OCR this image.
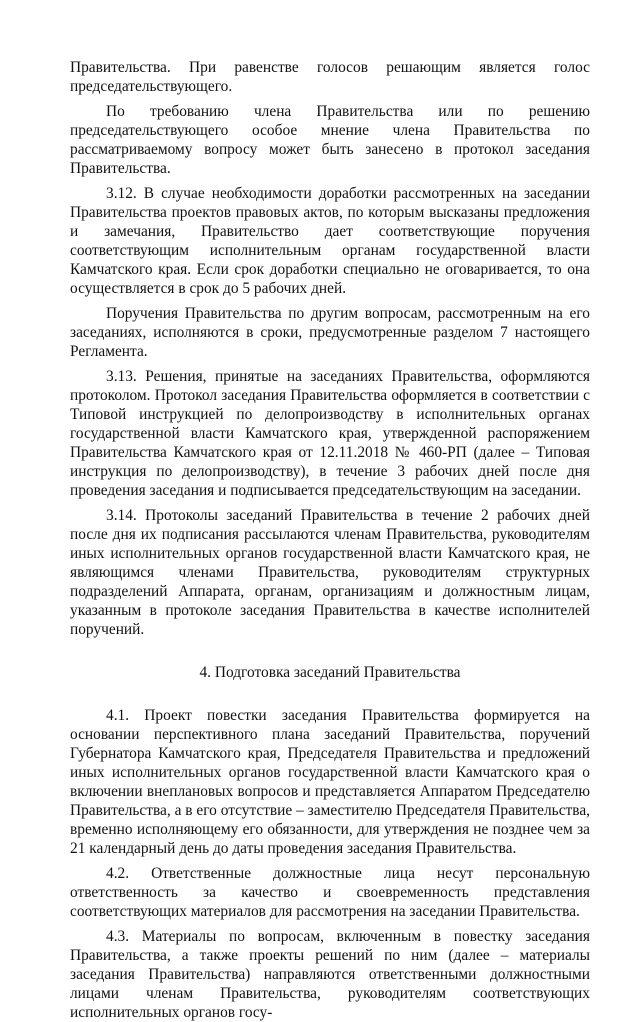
Правительства. При равенстве голосов решающим является голос председательствующего.

По требованию члена Правительства или по решению председательствующего особое мнение члена Правительства по рассматриваемому вопросу может быть занесено в протокол заседания Правительства.

3.12. В случае необходимости доработки рассмотренных на заседании Правительства проектов правовых актов, по которым высказаны предложения и замечания, Правительство дает соответствующие поручения соответствующим исполнительным органам государственной власти Камчатского края. Если срок доработки специально не оговаривается, то она осуществляется в срок до 5 рабочих дней.

Поручения Правительства по другим вопросам, рассмотренным на его заседаниях, исполняются в сроки, предусмотренные разделом 7 настоящего Регламента.

3.13. Решения, принятые на заседаниях Правительства, оформляются протоколом. Протокол заседания Правительства оформляется в соответствии с Типовой инструкцией по делопроизводству в исполнительных органах государственной власти Камчатского края, утвержденной распоряжением Правительства Камчатского края от 12.11.2018 № 460-РП (далее – Типовая инструкция по делопроизводству), в течение 3 рабочих дней после дня проведения заседания и подписывается председательствующим на заседании.

3.14. Протоколы заседаний Правительства в течение 2 рабочих дней после дня их подписания рассылаются членам Правительства, руководителям иных исполнительных органов государственной власти Камчатского края, не являющимся членами Правительства, руководителям структурных подразделений Аппарата, органам, организациям и должностным лицам, указанным в протоколе заседания Правительства в качестве исполнителей поручений.

4. Подготовка заседаний Правительства

4.1. Проект повестки заседания Правительства формируется на основании перспективного плана заседаний Правительства, поручений Губернатора Камчатского края, Председателя Правительства и предложений иных исполнительных органов государственной власти Камчатского края о включении внеплановых вопросов и представляется Аппаратом Председателю Правительства, а в его отсутствие – заместителю Председателя Правительства, временно исполняющему его обязанности, для утверждения не позднее чем за 21 календарный день до даты проведения заседания Правительства.

4.2. Ответственные должностные лица несут персональную ответственность за качество и своевременность представления соответствующих материалов для рассмотрения на заседании Правительства.

4.3. Материалы по вопросам, включенным в повестку заседания Правительства, а также проекты решений по ним (далее – материалы заседания Правительства) направляются ответственными должностными лицами членам Правительства, руководителям соответствующих исполнительных органов госу-
